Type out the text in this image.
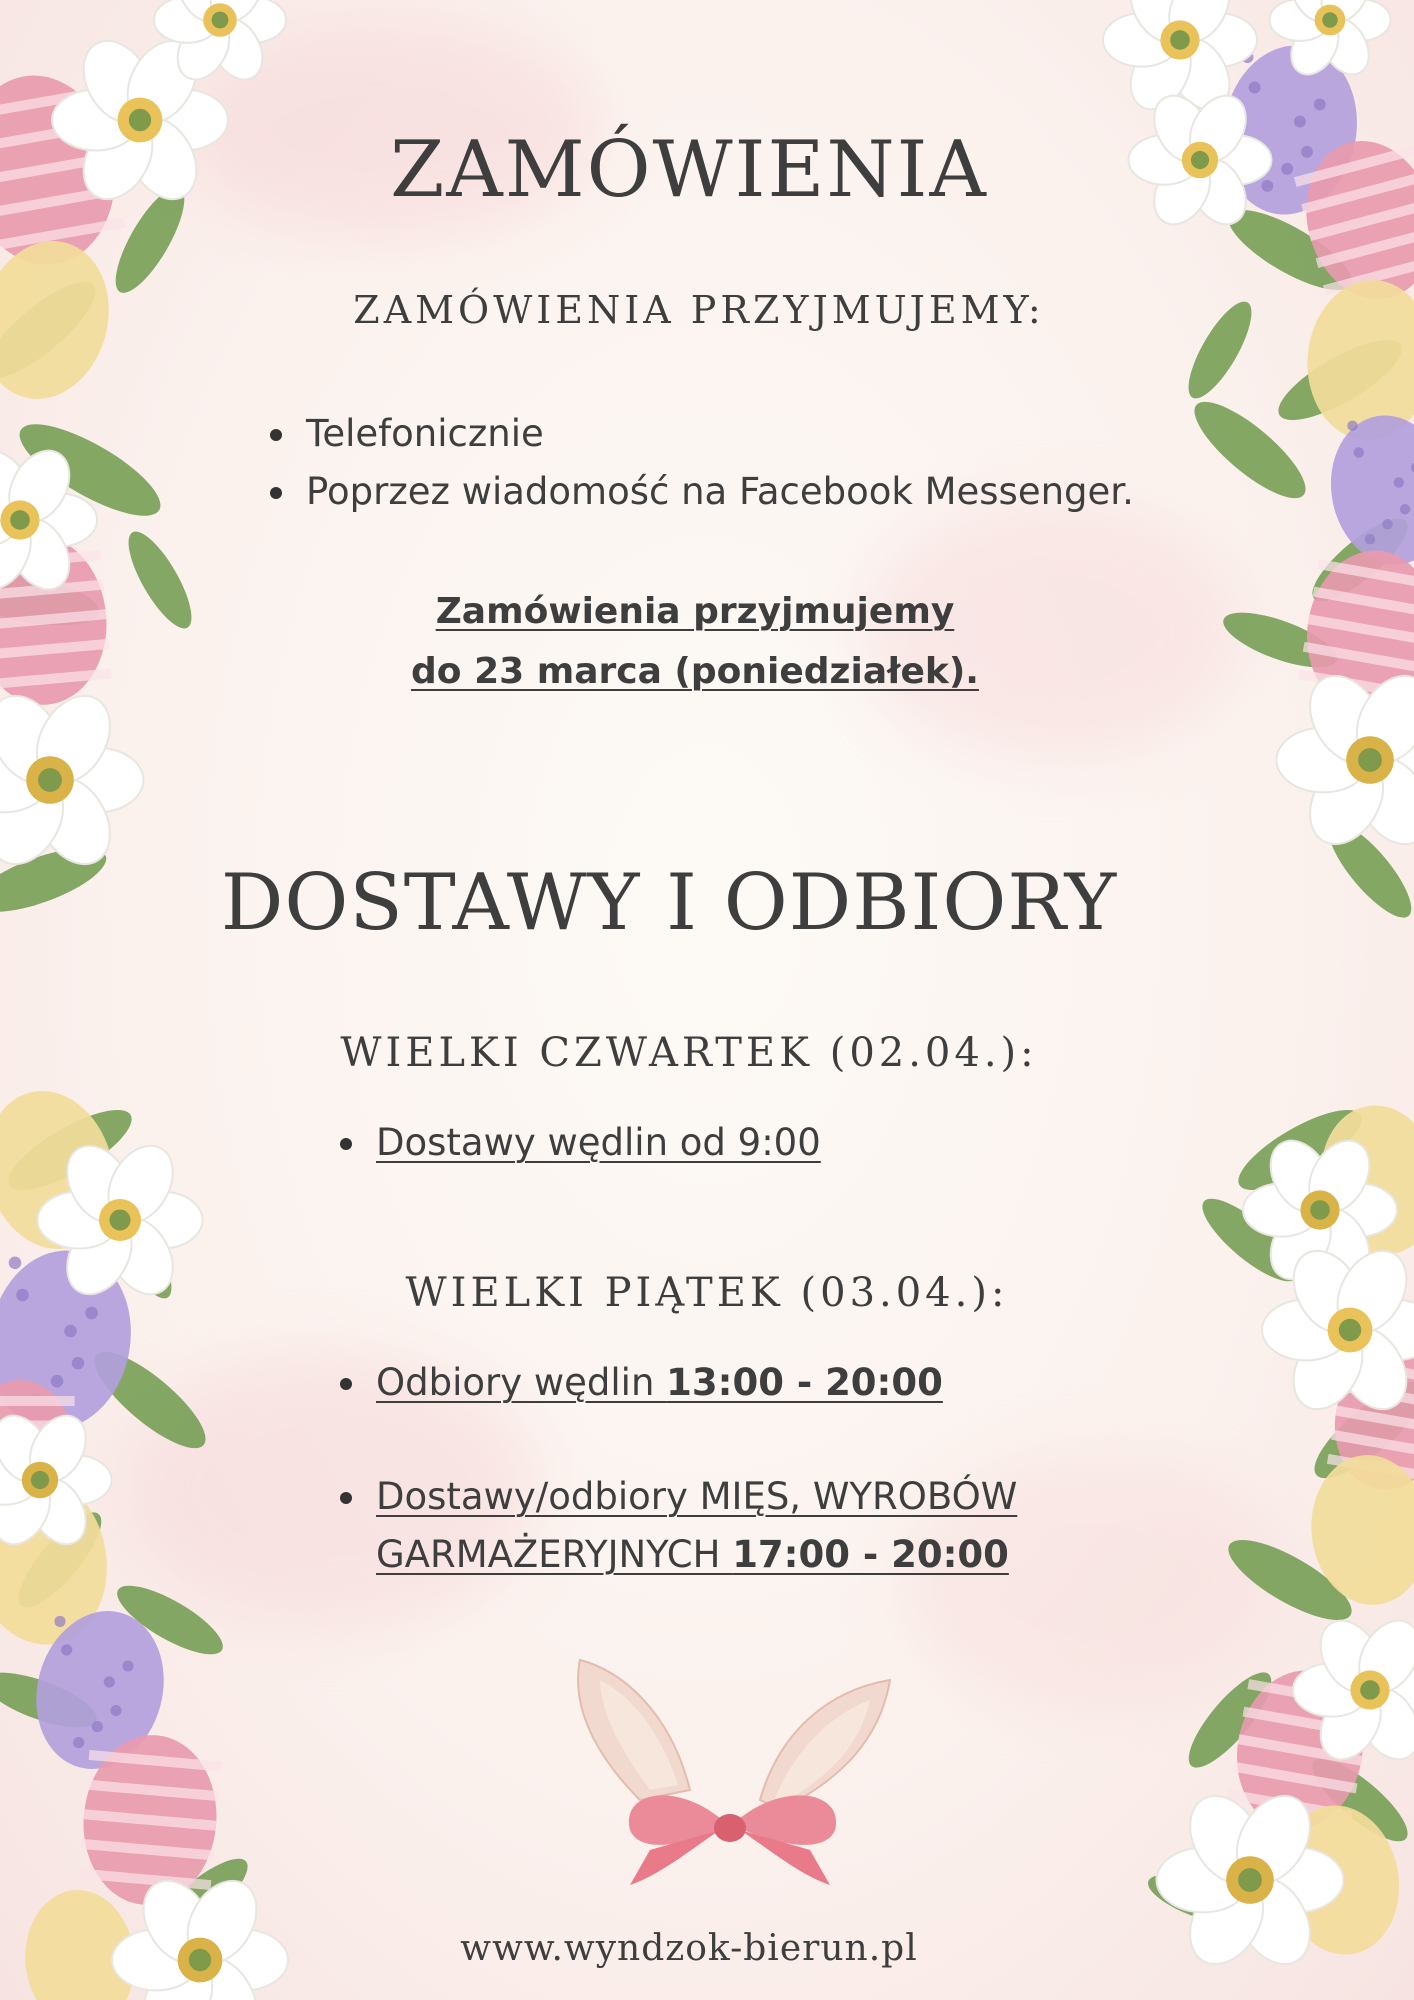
ZAMÓWIENIA
ZAMÓWIENIA PRZYJMUJEMY:
Telefonicznie
Poprzez wiadomość na Facebook Messenger.
Zamówienia przyjmujemy
do 23 marca (poniedziałek).
DOSTAWY I ODBIORY
WIELKI CZWARTEK (02.04.):
Dostawy wędlin od 9:00
WIELKI PIĄTEK (03.04.):
Odbiory wędlin 13:00 - 20:00
Dostawy/odbiory MIĘS, WYROBÓW GARMAŻERYJNYCH 17:00 - 20:00
www.wyndzok-bierun.pl
